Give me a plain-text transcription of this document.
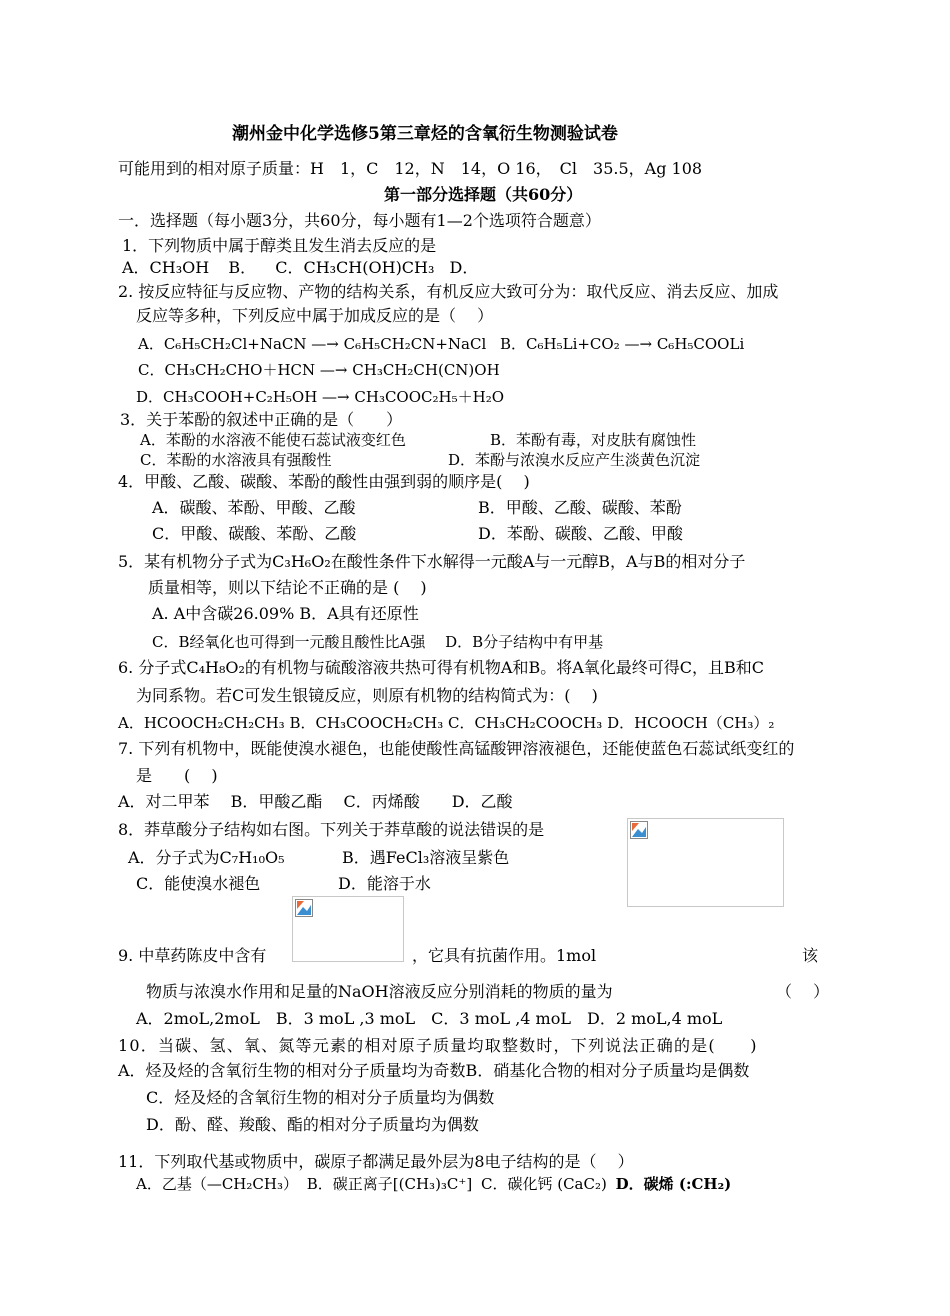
潮州金中化学选修5第三章烃的含氧衍生物测验试卷
可能用到的相对原子质量：H　1，C　12，N　14，O 16，　Cl　35.5，Ag 108
第一部分选择题（共60分）
一．选择题（每小题3分，共60分，每小题有1—2个选项符合题意）
1．下列物质中属于醇类且发生消去反应的是
A．CH₃OH B． C．CH₃CH(OH)CH₃ D．
2. 按反应特征与反应物、产物的结构关系，有机反应大致可分为：取代反应、消去反应、加成
反应等多种，下列反应中属于加成反应的是（　 ）
A．C₆H₅CH₂Cl+NaCN —→ C₆H₅CH₂CN+NaCl B．C₆H₅Li+CO₂ —→ C₆H₅COOLi
C．CH₃CH₂CHO＋HCN —→ CH₃CH₂CH(CN)OH
D．CH₃COOH+C₂H₅OH —→ CH₃COOC₂H₅＋H₂O
3．关于苯酚的叙述中正确的是（　　）
A．苯酚的水溶液不能使石蕊试液变红色	B．苯酚有毒，对皮肤有腐蚀性
C．苯酚的水溶液具有强酸性	D．苯酚与浓溴水反应产生淡黄色沉淀
4．甲酸、乙酸、碳酸、苯酚的酸性由强到弱的顺序是(　 )
A．碳酸、苯酚、甲酸、乙酸	B．甲酸、乙酸、碳酸、苯酚
C．甲酸、碳酸、苯酚、乙酸	D．苯酚、碳酸、乙酸、甲酸
5．某有机物分子式为C₃H₆O₂在酸性条件下水解得一元酸A与一元醇B，A与B的相对分子
质量相等，则以下结论不正确的是 (　 )
A. A中含碳26.09% B．A具有还原性
C．B经氧化也可得到一元酸且酸性比A强　 D．B分子结构中有甲基
6. 分子式C₄H₈O₂的有机物与硫酸溶液共热可得有机物A和B。将A氧化最终可得C，且B和C
为同系物。若C可发生银镜反应，则原有机物的结构简式为：(　 )
A．HCOOCH₂CH₂CH₃ B．CH₃COOCH₂CH₃ C．CH₃CH₂COOCH₃ D．HCOOCH（CH₃）₂
7. 下列有机物中，既能使溴水褪色，也能使酸性高锰酸钾溶液褪色，还能使蓝色石蕊试纸变红的
是　　(　 )
A．对二甲苯　 B．甲酸乙酯　 C．丙烯酸　　D．乙酸
8．莽草酸分子结构如右图。下列关于莽草酸的说法错误的是
A．分子式为C₇H₁₀O₅	B．遇FeCl₃溶液呈紫色
C．能使溴水褪色	D．能溶于水
9. 中草药陈皮中含有	，它具有抗菌作用。1mol	该
物质与浓溴水作用和足量的NaOH溶液反应分别消耗的物质的量为	（　 ）
A．2moL,2moL　B．3 moL ,3 moL　C．3 moL ,4 moL　D．2 moL,4 moL
10．当碳、氢、氧、氮等元素的相对原子质量均取整数时，下列说法正确的是(　　)
A．烃及烃的含氧衍生物的相对分子质量均为奇数B．硝基化合物的相对分子质量均是偶数
C．烃及烃的含氧衍生物的相对分子质量均为偶数
D．酚、醛、羧酸、酯的相对分子质量均为偶数
11．下列取代基或物质中，碳原子都满足最外层为8电子结构的是（　 ）
A．乙基（—CH₂CH₃） B．碳正离子[(CH₃)₃C⁺] C．碳化钙 (CaC₂) D．碳烯 (:CH₂)
